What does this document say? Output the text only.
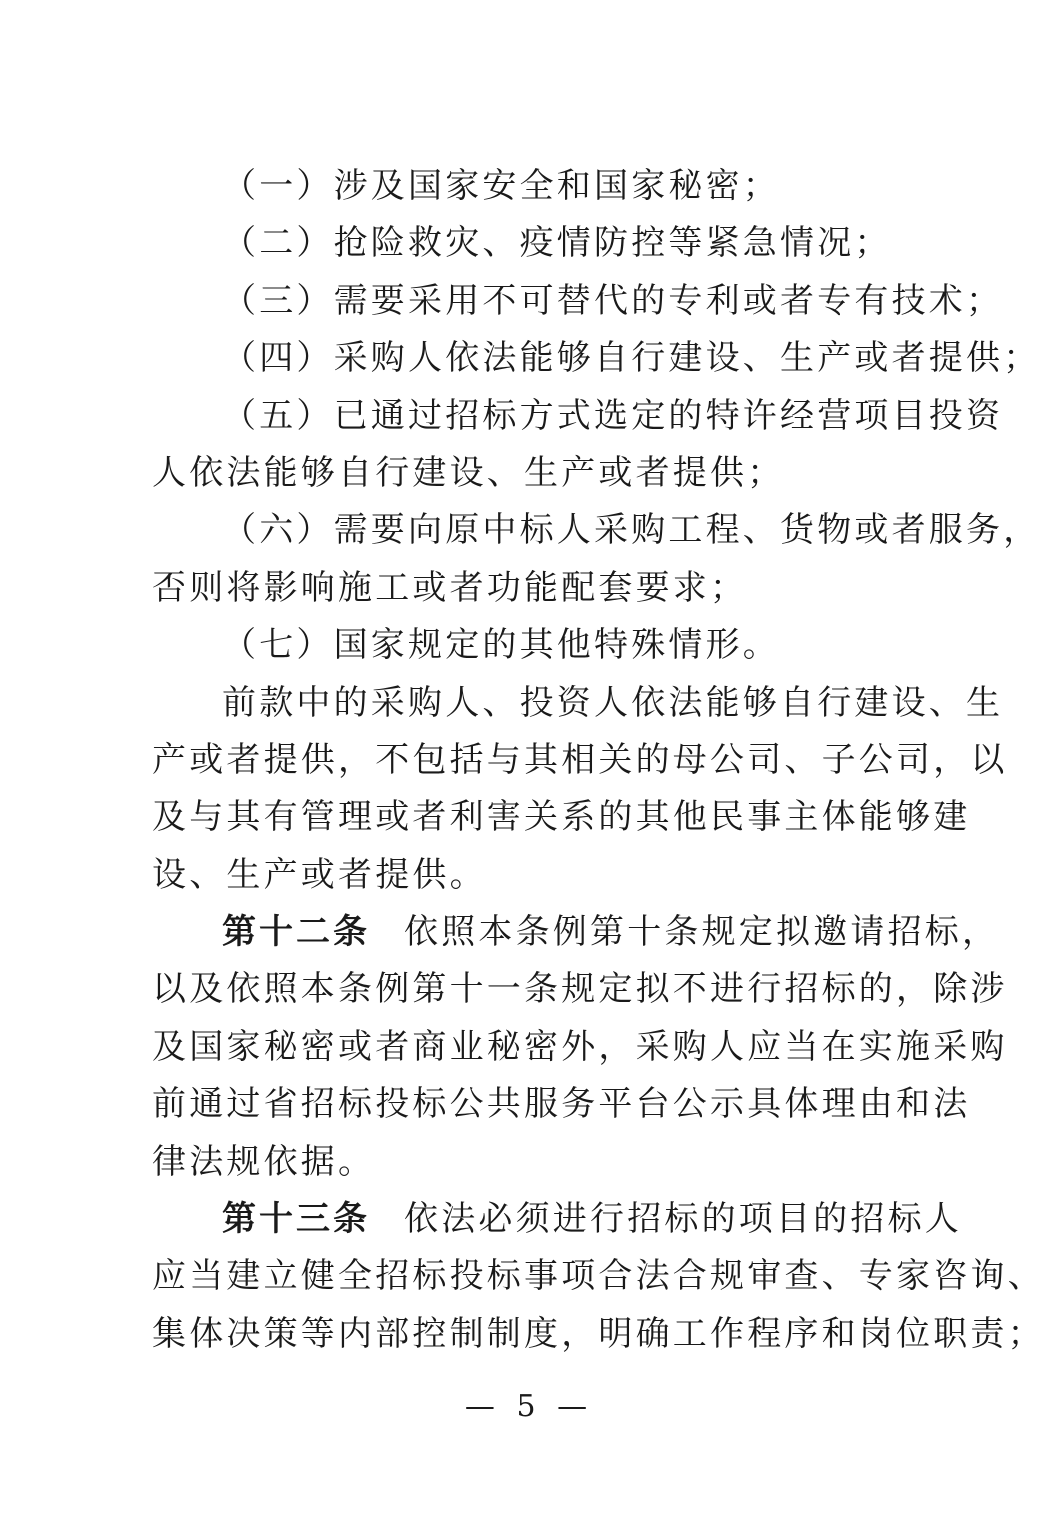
（一）涉及国家安全和国家秘密；
（二）抢险救灾、疫情防控等紧急情况；
（三）需要采用不可替代的专利或者专有技术；
（四）采购人依法能够自行建设、生产或者提供；
（五）已通过招标方式选定的特许经营项目投资
人依法能够自行建设、生产或者提供；
（六）需要向原中标人采购工程、货物或者服务，
否则将影响施工或者功能配套要求；
（七）国家规定的其他特殊情形。
前款中的采购人、投资人依法能够自行建设、生
产或者提供，不包括与其相关的母公司、子公司，以
及与其有管理或者利害关系的其他民事主体能够建
设、生产或者提供。
第十二条 依照本条例第十条规定拟邀请招标，
以及依照本条例第十一条规定拟不进行招标的，除涉
及国家秘密或者商业秘密外，采购人应当在实施采购
前通过省招标投标公共服务平台公示具体理由和法
律法规依据。
第十三条 依法必须进行招标的项目的招标人
应当建立健全招标投标事项合法合规审查、专家咨询、
集体决策等内部控制制度，明确工作程序和岗位职责；
— 5 —
